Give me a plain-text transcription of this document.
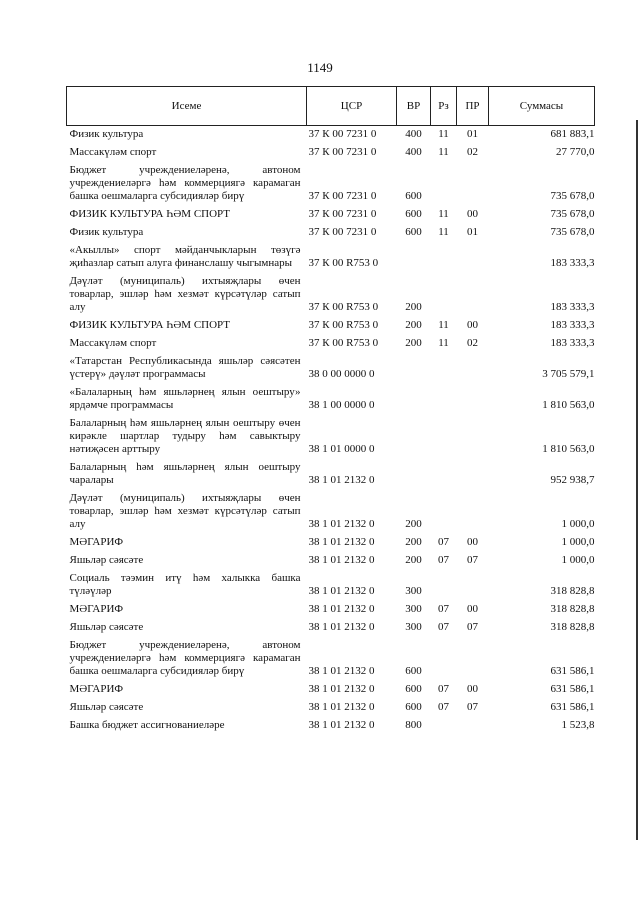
1149
Исеме	ЦСР	ВР	Рз	ПР	Суммасы
Физик культура	37 К 00 7231 0	400	11	01	681 883,1
Массакүләм спорт	37 К 00 7231 0	400	11	02	27 770,0
Бюджет учреждениеләренә, автоном учреждениеләргә һәм коммерциягә карамаган башка оешмаларга субсидияләр бирү	37 К 00 7231 0	600			735 678,0
ФИЗИК КУЛЬТУРА ҺӘМ СПОРТ	37 К 00 7231 0	600	11	00	735 678,0
Физик культура	37 К 00 7231 0	600	11	01	735 678,0
«Акыллы» спорт мәйданчыкларын төзүгә җиһазлар сатып алуга финанслашу чыгымнары	37 К 00 R753 0				183 333,3
Дәүләт (муниципаль) ихтыяҗлары өчен товарлар, эшләр һәм хезмәт күрсәтүләр сатып алу	37 К 00 R753 0	200			183 333,3
ФИЗИК КУЛЬТУРА ҺӘМ СПОРТ	37 К 00 R753 0	200	11	00	183 333,3
Массакүләм спорт	37 К 00 R753 0	200	11	02	183 333,3
«Татарстан Республикасында яшьләр сәясәтен үстерү» дәүләт программасы	38 0 00 0000 0				3 705 579,1
«Балаларның һәм яшьләрнең ялын оештыру» ярдәмче программасы	38 1 00 0000 0				1 810 563,0
Балаларның һәм яшьләрнең ялын оештыру өчен кирәкле шартлар тудыру һәм савыктыру нәтиҗәсен арттыру	38 1 01 0000 0				1 810 563,0
Балаларның һәм яшьләрнең ялын оештыру чаралары	38 1 01 2132 0				952 938,7
Дәүләт (муниципаль) ихтыяҗлары өчен товарлар, эшләр һәм хезмәт күрсәтүләр сатып алу	38 1 01 2132 0	200			1 000,0
МӘГАРИФ	38 1 01 2132 0	200	07	00	1 000,0
Яшьләр сәясәте	38 1 01 2132 0	200	07	07	1 000,0
Социаль тәэмин итү һәм халыкка башка түләүләр	38 1 01 2132 0	300			318 828,8
МӘГАРИФ	38 1 01 2132 0	300	07	00	318 828,8
Яшьләр сәясәте	38 1 01 2132 0	300	07	07	318 828,8
Бюджет учреждениеләренә, автоном учреждениеләргә һәм коммерциягә карамаган башка оешмаларга субсидияләр бирү	38 1 01 2132 0	600			631 586,1
МӘГАРИФ	38 1 01 2132 0	600	07	00	631 586,1
Яшьләр сәясәте	38 1 01 2132 0	600	07	07	631 586,1
Башка бюджет ассигнованиеләре	38 1 01 2132 0	800			1 523,8
